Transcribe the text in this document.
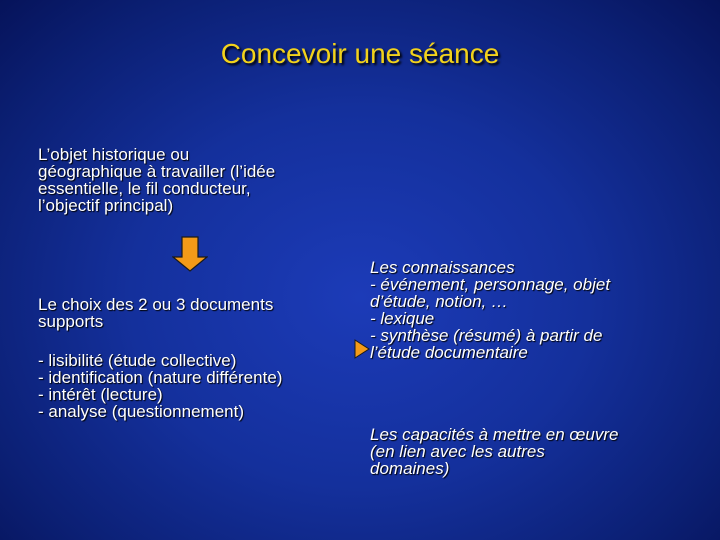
Concevoir une séance
L’objet historique ou
géographique à travailler (l’idée
essentielle, le fil conducteur,
l’objectif principal)
Le choix des 2 ou 3 documents
supports
- lisibilité (étude collective)
- identification (nature différente)
- intérêt (lecture)
- analyse (questionnement)
Les connaissances
- événement, personnage, objet
d’étude, notion, …
- lexique
- synthèse (résumé) à partir de
l’étude documentaire
Les capacités à mettre en œuvre
(en lien avec les autres
domaines)
